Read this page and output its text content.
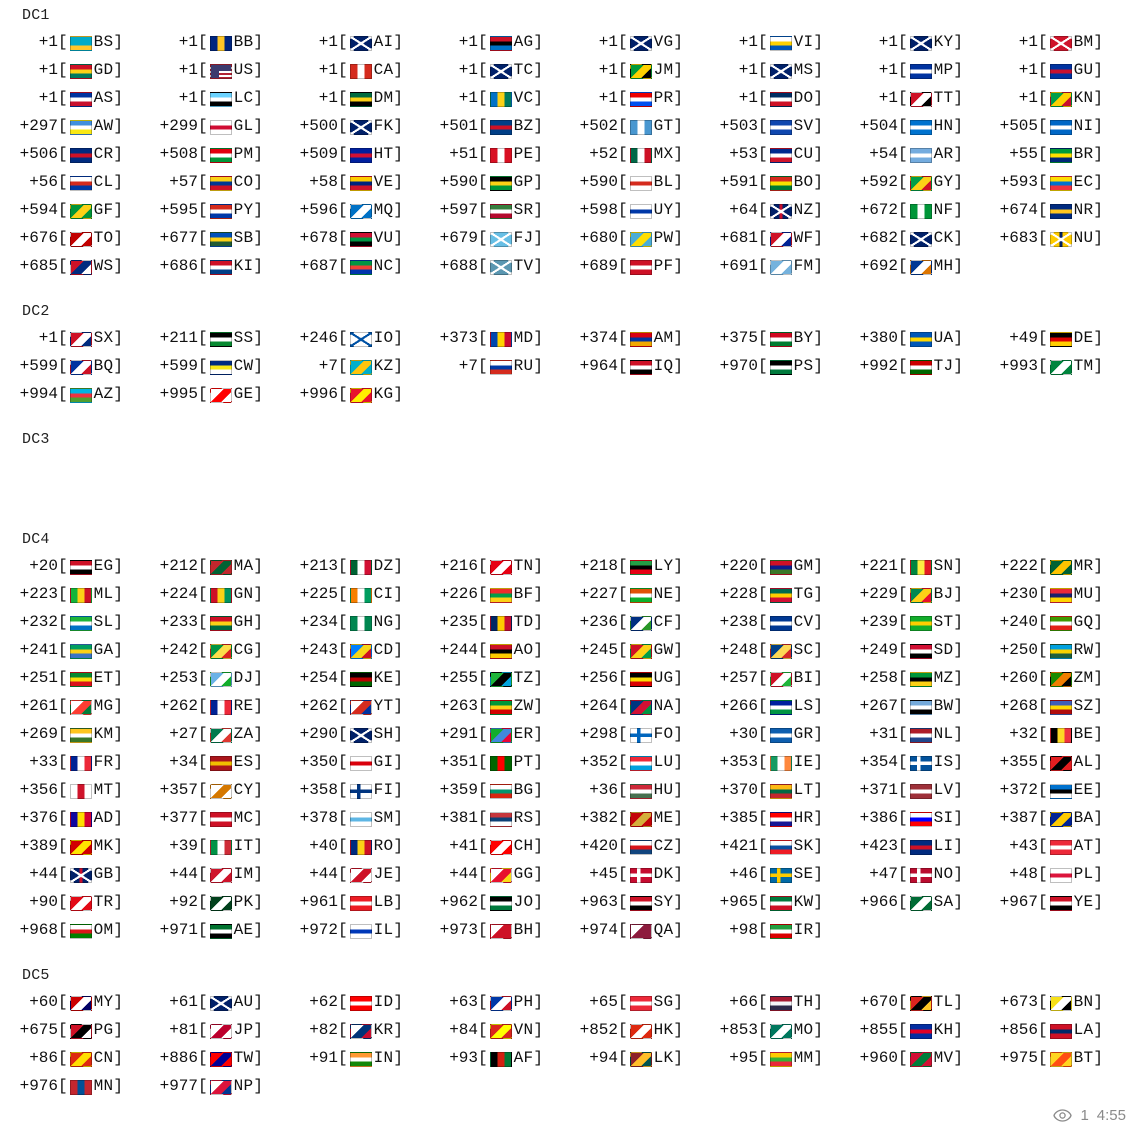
DC1
+1 [ BS ]	+1 [ BB ]	+1 [ AI ]	+1 [ AG ]	+1 [ VG ]	+1 [ VI ]	+1 [ KY ]	+1 [ BM ]
+1 [ GD ]	+1 [ US ]	+1 [ CA ]	+1 [ TC ]	+1 [ JM ]	+1 [ MS ]	+1 [ MP ]	+1 [ GU ]
+1 [ AS ]	+1 [ LC ]	+1 [ DM ]	+1 [ VC ]	+1 [ PR ]	+1 [ DO ]	+1 [ TT ]	+1 [ KN ]
+297 [ AW ]	+299 [ GL ]	+500 [ FK ]	+501 [ BZ ]	+502 [ GT ]	+503 [ SV ]	+504 [ HN ]	+505 [ NI ]
+506 [ CR ]	+508 [ PM ]	+509 [ HT ]	+51 [ PE ]	+52 [ MX ]	+53 [ CU ]	+54 [ AR ]	+55 [ BR ]
+56 [ CL ]	+57 [ CO ]	+58 [ VE ]	+590 [ GP ]	+590 [ BL ]	+591 [ BO ]	+592 [ GY ]	+593 [ EC ]
+594 [ GF ]	+595 [ PY ]	+596 [ MQ ]	+597 [ SR ]	+598 [ UY ]	+64 [ NZ ]	+672 [ NF ]	+674 [ NR ]
+676 [ TO ]	+677 [ SB ]	+678 [ VU ]	+679 [ FJ ]	+680 [ PW ]	+681 [ WF ]	+682 [ CK ]	+683 [ NU ]
+685 [ WS ]	+686 [ KI ]	+687 [ NC ]	+688 [ TV ]	+689 [ PF ]	+691 [ FM ]	+692 [ MH ]
DC2
+1 [ SX ]	+211 [ SS ]	+246 [ IO ]	+373 [ MD ]	+374 [ AM ]	+375 [ BY ]	+380 [ UA ]	+49 [ DE ]
+599 [ BQ ]	+599 [ CW ]	+7 [ KZ ]	+7 [ RU ]	+964 [ IQ ]	+970 [ PS ]	+992 [ TJ ]	+993 [ TM ]
+994 [ AZ ]	+995 [ GE ]	+996 [ KG ]
DC3
DC4
+20 [ EG ]	+212 [ MA ]	+213 [ DZ ]	+216 [ TN ]	+218 [ LY ]	+220 [ GM ]	+221 [ SN ]	+222 [ MR ]
+223 [ ML ]	+224 [ GN ]	+225 [ CI ]	+226 [ BF ]	+227 [ NE ]	+228 [ TG ]	+229 [ BJ ]	+230 [ MU ]
+232 [ SL ]	+233 [ GH ]	+234 [ NG ]	+235 [ TD ]	+236 [ CF ]	+238 [ CV ]	+239 [ ST ]	+240 [ GQ ]
+241 [ GA ]	+242 [ CG ]	+243 [ CD ]	+244 [ AO ]	+245 [ GW ]	+248 [ SC ]	+249 [ SD ]	+250 [ RW ]
+251 [ ET ]	+253 [ DJ ]	+254 [ KE ]	+255 [ TZ ]	+256 [ UG ]	+257 [ BI ]	+258 [ MZ ]	+260 [ ZM ]
+261 [ MG ]	+262 [ RE ]	+262 [ YT ]	+263 [ ZW ]	+264 [ NA ]	+266 [ LS ]	+267 [ BW ]	+268 [ SZ ]
+269 [ KM ]	+27 [ ZA ]	+290 [ SH ]	+291 [ ER ]	+298 [ FO ]	+30 [ GR ]	+31 [ NL ]	+32 [ BE ]
+33 [ FR ]	+34 [ ES ]	+350 [ GI ]	+351 [ PT ]	+352 [ LU ]	+353 [ IE ]	+354 [ IS ]	+355 [ AL ]
+356 [ MT ]	+357 [ CY ]	+358 [ FI ]	+359 [ BG ]	+36 [ HU ]	+370 [ LT ]	+371 [ LV ]	+372 [ EE ]
+376 [ AD ]	+377 [ MC ]	+378 [ SM ]	+381 [ RS ]	+382 [ ME ]	+385 [ HR ]	+386 [ SI ]	+387 [ BA ]
+389 [ MK ]	+39 [ IT ]	+40 [ RO ]	+41 [ CH ]	+420 [ CZ ]	+421 [ SK ]	+423 [ LI ]	+43 [ AT ]
+44 [ GB ]	+44 [ IM ]	+44 [ JE ]	+44 [ GG ]	+45 [ DK ]	+46 [ SE ]	+47 [ NO ]	+48 [ PL ]
+90 [ TR ]	+92 [ PK ]	+961 [ LB ]	+962 [ JO ]	+963 [ SY ]	+965 [ KW ]	+966 [ SA ]	+967 [ YE ]
+968 [ OM ]	+971 [ AE ]	+972 [ IL ]	+973 [ BH ]	+974 [ QA ]	+98 [ IR ]
DC5
+60 [ MY ]	+61 [ AU ]	+62 [ ID ]	+63 [ PH ]	+65 [ SG ]	+66 [ TH ]	+670 [ TL ]	+673 [ BN ]
+675 [ PG ]	+81 [ JP ]	+82 [ KR ]	+84 [ VN ]	+852 [ HK ]	+853 [ MO ]	+855 [ KH ]	+856 [ LA ]
+86 [ CN ]	+886 [ TW ]	+91 [ IN ]	+93 [ AF ]	+94 [ LK ]	+95 [ MM ]	+960 [ MV ]	+975 [ BT ]
+976 [ MN ]	+977 [ NP ]
1 4:55
